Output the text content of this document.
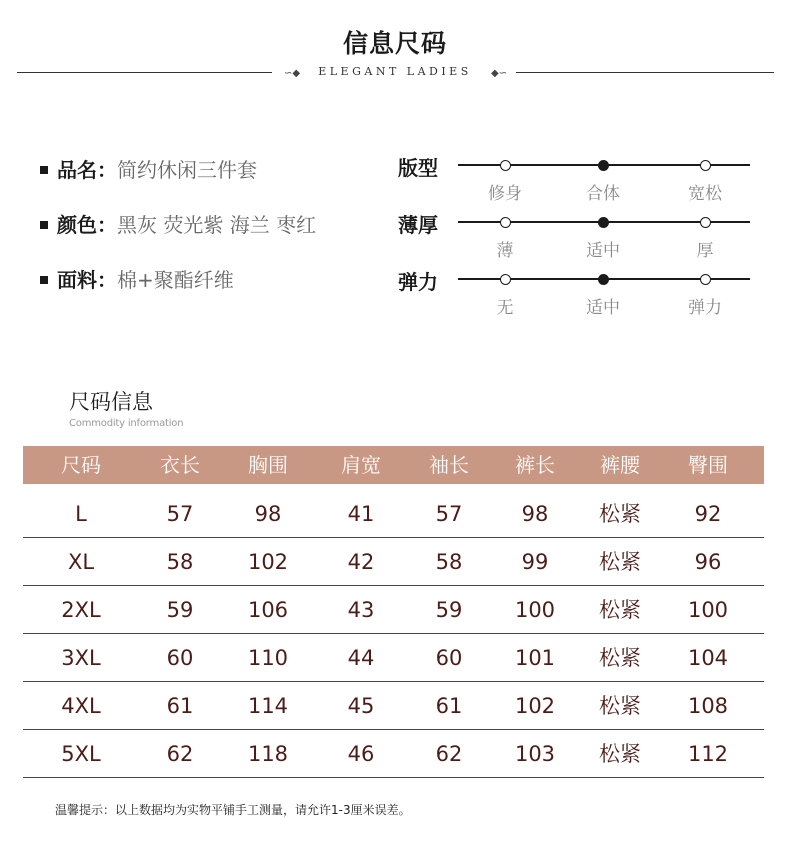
信息尺码
∽◆	ELEGANT LADIES	◆∽
品名：简约休闲三件套
颜色：黑灰 荧光紫 海兰 枣红
面料：棉+聚酯纤维
版型
修身	合体	宽松
薄厚
薄	适中	厚
弹力
无	适中	弹力
尺码信息
Commodity information
尺码	衣长	胸围	肩宽	袖长	裤长	裤腰	臀围
L	57	98	41	57	98	松紧	92
XL	58	102	42	58	99	松紧	96
2XL	59	106	43	59	100	松紧	100
3XL	60	110	44	60	101	松紧	104
4XL	61	114	45	61	102	松紧	108
5XL	62	118	46	62	103	松紧	112
温馨提示：以上数据均为实物平铺手工测量，请允许1-3厘米误差。
